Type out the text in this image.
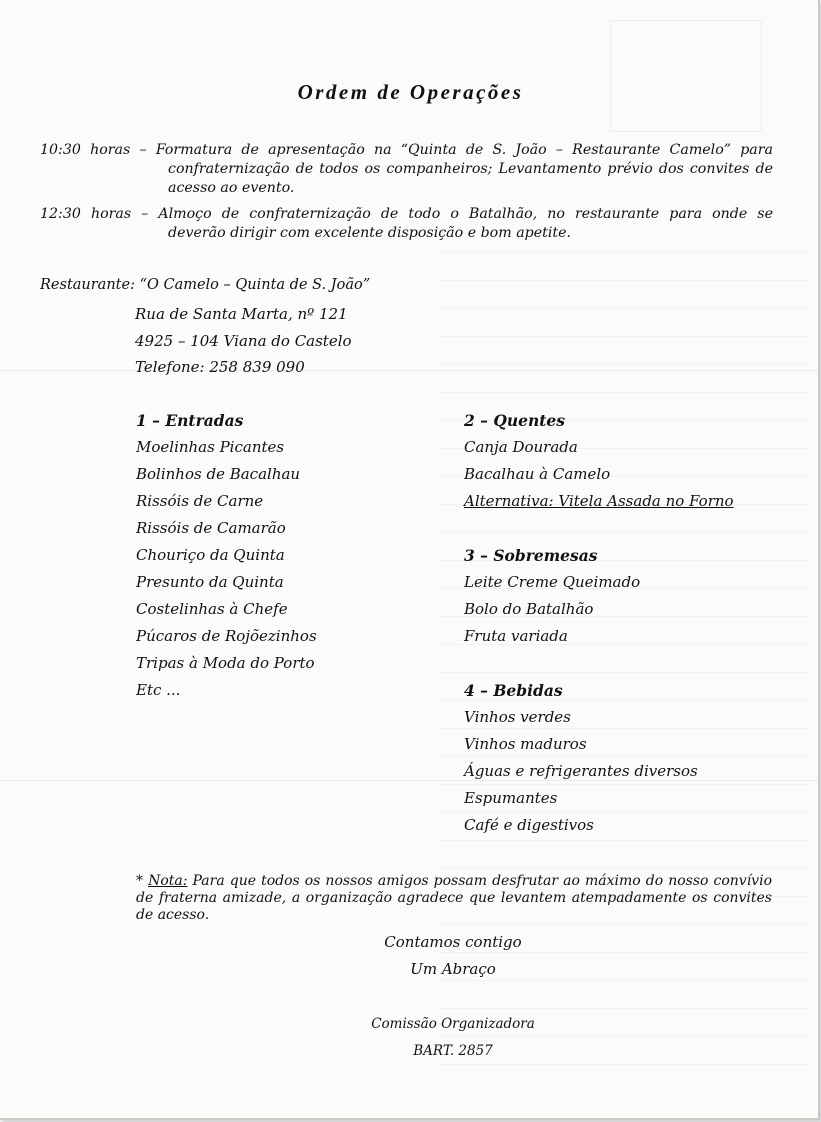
Ordem de Operações
10:30 horas – Formatura de apresentação na “Quinta de S. João – Restaurante Camelo” para
confraternização de todos os companheiros; Levantamento prévio dos convites de acesso ao evento.
12:30 horas – Almoço de confraternização de todo o Batalhão, no restaurante para onde se
deverão dirigir com excelente disposição e bom apetite.
Restaurante: “O Camelo – Quinta de S. João”
Rua de Santa Marta, nº 121
4925 – 104 Viana do Castelo
Telefone: 258 839 090
1 – Entradas
Moelinhas Picantes
Bolinhos de Bacalhau
Rissóis de Carne
Rissóis de Camarão
Chouriço da Quinta
Presunto da Quinta
Costelinhas à Chefe
Púcaros de Rojõezinhos
Tripas à Moda do Porto
Etc ...
2 – Quentes
Canja Dourada
Bacalhau à Camelo
Alternativa: Vitela Assada no Forno
3 – Sobremesas
Leite Creme Queimado
Bolo do Batalhão
Fruta variada
4 – Bebidas
Vinhos verdes
Vinhos maduros
Águas e refrigerantes diversos
Espumantes
Café e digestivos
* Nota: Para que todos os nossos amigos possam desfrutar ao máximo do nosso convívio de fraterna amizade, a organização agradece que levantem atempadamente os convites de acesso.
Contamos contigo
Um Abraço
Comissão Organizadora
BART. 2857
